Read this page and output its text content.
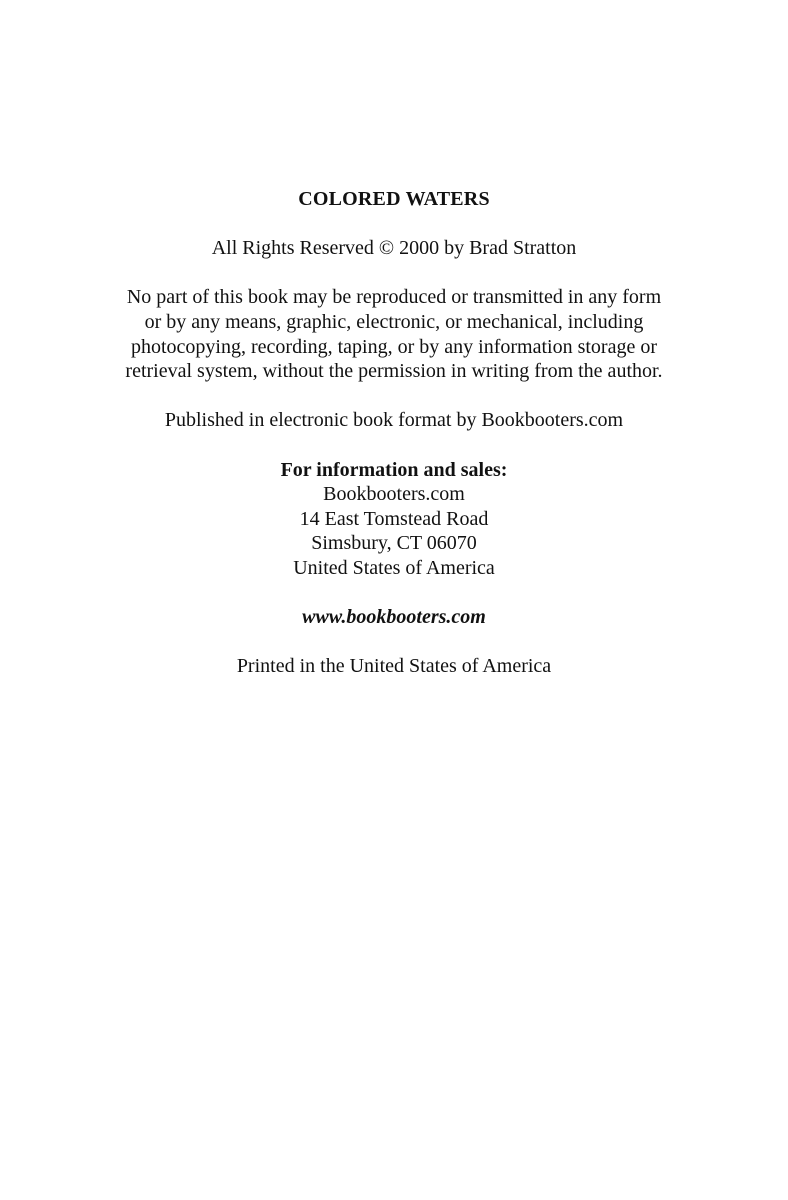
COLORED WATERS
All Rights Reserved © 2000 by Brad Stratton
No part of this book may be reproduced or transmitted in any form
or by any means, graphic, electronic, or mechanical, including
photocopying, recording, taping, or by any information storage or
retrieval system, without the permission in writing from the author.
Published in electronic book format by Bookbooters.com
For information and sales:
Bookbooters.com
14 East Tomstead Road
Simsbury, CT 06070
United States of America
www.bookbooters.com
Printed in the United States of America
